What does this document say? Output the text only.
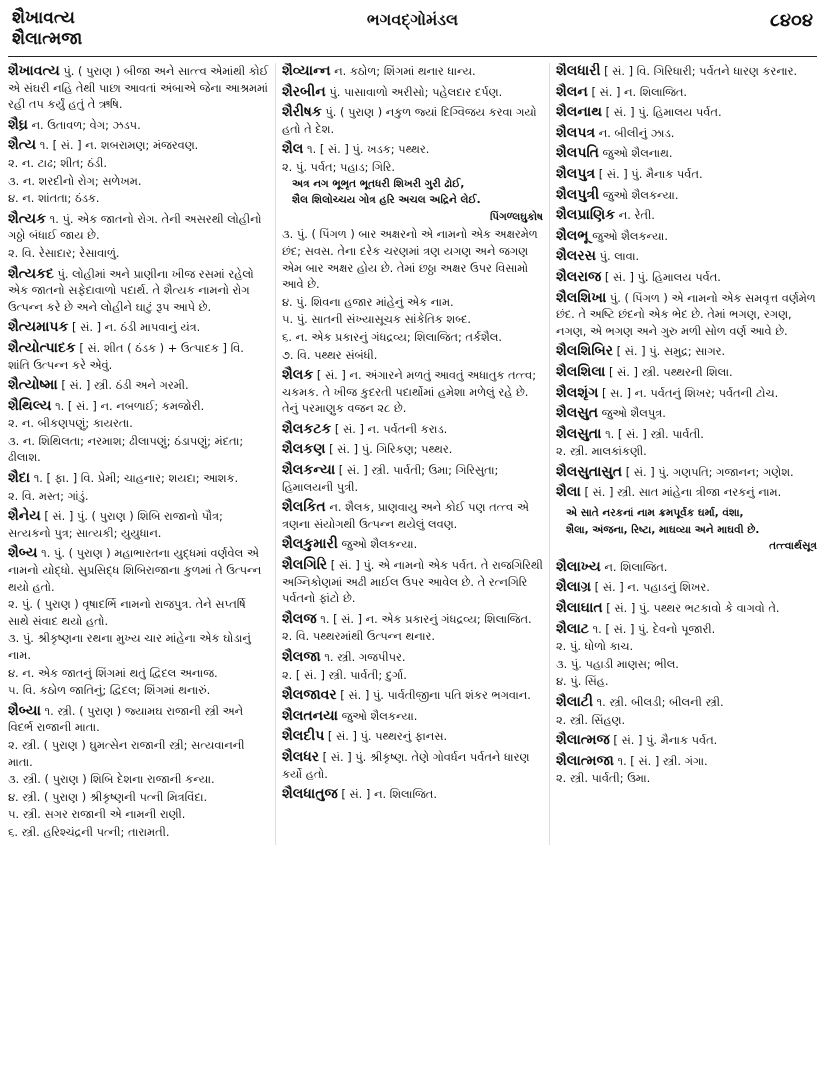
શૈખાવત્ય
શૈલાત્મજા
ભગવદ્ગોમંડલ	૮૪૦૪
શૈખાવત્ય પું. ( પુરાણ ) બીજા અને સાત્ત્વ એમાંથી કોઈ એ સંઘરી નહિ તેથી પાછા આવતાં અંબાએ જેના આશ્રમમાં રહી તપ કર્યું હતું તે ઋષિ.
શૈઘ્ર ન. ઉતાવળ; વેગ; ઝડપ.
શૈત્ય ૧. [ સં. ] ન. શબરામણ; મંજરવણ.
૨. ન. ટાઢ; શીત; ઠંડી.
૩. ન. શરદીનો રોગ; સળેખમ.
૪. ન. શાંતતા; ઠંડક.
શૈત્યક ૧. પું. એક જાતનો રોગ. તેની અસરથી લોહીનો ગઠ્ઠો બંધાઈ જાય છે.
૨. વિ. રેસાદાર; રેસાવાળું.
શૈત્યકદ પું. લોહીમાં અને પ્રાણીના ખીજ રસમાં રહેલો એક જાતનો સફેદાવાળો પદાર્થ. તે શૈત્યક નામનો રોગ ઉત્પન્ન કરે છે અને લોહીને ઘાટું રૂપ આપે છે.
શૈત્યમાપક [ સં. ] ન. ઠંડી માપવાનું યંત્ર.
શૈત્યોત્પાદક [ સં. શીત ( ઠંડક ) + ઉત્પાદક ] વિ. શાંતિ ઉત્પન્ન કરે એવું.
શૈત્યોષ્મા [ સં. ] સ્ત્રી. ઠંડી અને ગરમી.
શૈથિલ્ય ૧. [ સં. ] ન. નબળાઈ; કમજોરી.
૨. ન. બીકણપણું; કાયરતા.
૩. ન. શિથિલતા; નરમાશ; ઢીલાપણું; ઠંડાપણું; મંદતા; ઢીલાશ.
શૈદા ૧. [ ફા. ] વિ. પ્રેમી; ચાહનાર; શયદા; આશક.
૨. વિ. મસ્ત; ગાંડું.
શૈનેય [ સં. ] પું. ( પુરાણ ) શિબિ રાજાનો પૌત્ર; સત્યકનો પુત્ર; સાત્યકી; યુયુધાન.
શૈબ્ય ૧. પું. ( પુરાણ ) મહાભારતના યુદ્ધમાં વર્ણવેલ એ નામનો યોદ્ધો. સુપ્રસિદ્ધ શિબિરાજાના કુળમાં તે ઉત્પન્ન થયો હતો.
૨. પું. ( પુરાણ ) વૃષાદર્ભિ નામનો રાજપુત્ર. તેને સપ્તર્ષિ સાથે સંવાદ થયો હતો.
૩. પું. શ્રીકૃષ્ણના રથના મુખ્ય ચાર માંહેના એક ઘોડાનું નામ.
૪. ન. એક જાતનું શિંગમાં થતું દ્વિદલ અનાજ.
૫. વિ. કઠોળ જાતિનું; દ્વિદલ; શિંગમાં થનારું.
શૈબ્યા ૧. સ્ત્રી. ( પુરાણ ) જ્યામઘ રાજાની સ્ત્રી અને વિદર્ભ રાજાની માતા.
૨. સ્ત્રી. ( પુરાણ ) ઘુમત્સેન રાજાની સ્ત્રી; સત્યવાનની માતા.
૩. સ્ત્રી. ( પુરાણ ) શિબિ દેશના રાજાની કન્યા.
૪. સ્ત્રી. ( પુરાણ ) શ્રીકૃષ્ણની પત્ની મિત્રવિંદા.
૫. સ્ત્રી. સગર રાજાની એ નામની રાણી.
૬. સ્ત્રી. હરિશ્ચંદ્રની પત્ની; તારામતી.
શૈવ્યાન્ન ન. કઠોળ; શિંગમાં થનાર ધાન્ય.
શૈરબીન પું. પાસાવાળો અરીસો; પહેલદાર દર્પણ.
શૈરીષક પું. ( પુરાણ ) નકુળ જ્યાં દિગ્વિજય કરવા ગયો હતો તે દેશ.
શૈલ ૧. [ સં. ] પું. ખડક; પથ્થર.
૨. પું. પર્વત; પહાડ; ગિરિ.
અત્ર નગ ભૂભૃત ભૂતધરી શિખરી ગુરી ઢોઈ,
શૈલ શિલોચ્ચય ગોત્ર હરિ અચલ અદ્રિને લેઈ.
પિંગળ્લઘુકોષ
૩. પું. ( પિંગળ ) બાર અક્ષરનો એ નામનો એક અક્ષરમેળ છંદ; સવસ. તેના દરેક ચરણમાં ત્રણ યગણ અને જગણ એમ બાર અક્ષર હોય છે. તેમાં છઠ્ઠા અક્ષર ઉપર વિસામો આવે છે.
૪. પું. શિવના હજાર માંહેનું એક નામ.
૫. પું. સાતની સંખ્યાસૂચક સાંકેતિક શબ્દ.
૬. ન. એક પ્રકારનું ગંધદ્રવ્ય; શિલાજિત; તર્કશૈલ.
૭. વિ. પથ્થર સંબંધી.
શૈલક [ સં. ] ન. અંગારને મળતું આવતું અધાતુક તત્ત્વ; ચકમક. તે ખીજ કુદરતી પદાર્થોમાં હમેશા મળેલું રહે છે. તેનું પરમાણુક વજન ૨૮ છે.
શૈલકટક [ સં. ] ન. પર્વતની કરાડ.
શૈલકણ [ સં. ] પું. ગિરિકણ; પથ્થર.
શૈલકન્યા [ સં. ] સ્ત્રી. પાર્વતી; ઉમા; ગિરિસુતા; હિમાલયની પુત્રી.
શૈલકિત ન. શૈલક, પ્રાણવાયુ અને કોઈ પણ તત્ત્વ એ ત્રણના સંયોગથી ઉત્પન્ન થયેલું લવણ.
શૈલકુમારી જુઓ શૈલકન્યા.
શૈલગિરિ [ સં. ] પું. એ નામનો એક પર્વત. તે રાજગિરિથી અગ્નિકોણમાં અઢી માઈલ ઉપર આવેલ છે. તે રત્નગિરિ પર્વતનો ફાંટો છે.
શૈલજ ૧. [ સં. ] ન. એક પ્રકારનું ગંધદ્રવ્ય; શિલાજિત.
૨. વિ. પથ્થરમાંથી ઉત્પન્ન થનાર.
શૈલજા ૧. સ્ત્રી. ગજપીપર.
૨. [ સં. ] સ્ત્રી. પાર્વતી; દુર્ગા.
શૈલજાવર [ સં. ] પું. પાર્વતીજીના પતિ શંકર ભગવાન.
શૈલતનયા જુઓ શૈલકન્યા.
શૈલદીપ [ સં. ] પું. પથ્થરનું ફાનસ.
શૈલધર [ સં. ] પું. શ્રીકૃષ્ણ. તેણે ગોવર્ધન પર્વતને ધારણ કર્યો હતો.
શૈલધાતુજ [ સં. ] ન. શિલાજિત.
શૈલધારી [ સં. ] વિ. ગિરિધારી; પર્વતને ધારણ કરનાર.
શૈલન [ સં. ] ન. શિલાજિત.
શૈલનાથ [ સં. ] પું. હિમાલય પર્વત.
શૈલપત્ર ન. બીલીનું ઝાડ.
શૈલપતિ જુઓ શૈલનાથ.
શૈલપુત્ર [ સં. ] પું. મૈનાક પર્વત.
શૈલપુત્રી જુઓ શૈલકન્યા.
શૈલપ્રાણિક ન. રેતી.
શૈલભૂ જુઓ શૈલકન્યા.
શૈલરસ પું. લાવા.
શૈલરાજ [ સં. ] પું. હિમાલય પર્વત.
શૈલશિખા પું. ( પિંગળ ) એ નામનો એક સમવૃત્ત વર્ણમેળ છંદ. તે અષ્ટિ છંદનો એક ભેદ છે. તેમાં ભગણ, રગણ, નગણ, એ ભગણ અને ગુરુ મળી સોળ વર્ણ આવે છે.
શૈલશિબિર [ સં. ] પું. સમુદ્ર; સાગર.
શૈલશિલા [ સં. ] સ્ત્રી. પથ્થરની શિલા.
શૈલશૃંગ [ સ. ] ન. પર્વતનું શિખર; પર્વતની ટોચ.
શૈલસુત જુઓ શૈલપુત્ર.
શૈલસુતા ૧. [ સં. ] સ્ત્રી. પાર્વતી.
૨. સ્ત્રી. માલકાંકણી.
શૈલસુતાસુત [ સં. ] પું. ગણપતિ; ગજાનન; ગણેશ.
શૈલા [ સં. ] સ્ત્રી. સાત માંહેના ત્રીજા નરકનું નામ.
એ સાતે નરકનાં નામ ક્રમપૂર્વક ઘર્મા, વંશા,
શૈલા, અંજના, રિષ્ટા, માઘવ્યા અને માઘવી છે.
તત્ત્વાર્થસૂત્ર
શૈલાખ્ય ન. શિલાજિત.
શૈલાગ્ર [ સં. ] ન. પહાડનું શિખર.
શૈલાઘાત [ સં. ] પું. પથ્થર ભટકાવો કે વાગવો તે.
શૈલાટ ૧. [ સં. ] પું. દેવનો પૂજારી.
૨. પું. ધોળો કાચ.
૩. પું. પહાડી માણસ; ભીલ.
૪. પું. સિંહ.
શૈલાટી ૧. સ્ત્રી. બીલડી; બીલની સ્ત્રી.
૨. સ્ત્રી. સિંહણ.
શૈલાત્મજ [ સં. ] પું. મૈનાક પર્વત.
શૈલાત્મજા ૧. [ સં. ] સ્ત્રી. ગંગા.
૨. સ્ત્રી. પાર્વતી; ઉમા.
